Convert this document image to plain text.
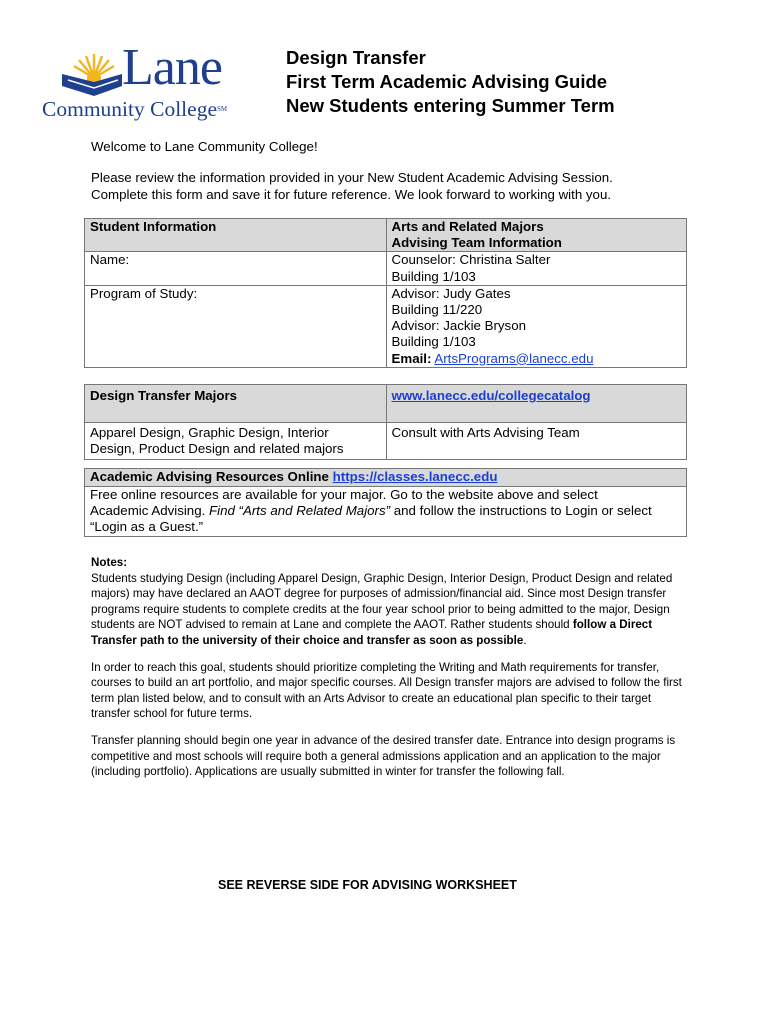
Lane
Community College℠
Design Transfer
First Term Academic Advising Guide
New Students entering Summer Term

Welcome to Lane Community College!

Please review the information provided in your New Student Academic Advising Session.

Complete this form and save it for future reference. We look forward to working with you.

Student Information	Arts and Related Majors
Advising Team Information

Name:	Counselor: Christina Salter
Building 1/103

Program of Study:	Advisor: Judy Gates
Building 11/220
Advisor: Jackie Bryson
Building 1/103
Email: ArtsPrograms@lanecc.edu
Design Transfer Majors	www.lanecc.edu/collegecatalog

Apparel Design, Graphic Design, Interior
Design, Product Design and related majors	Consult with Arts Advising Team
Academic Advising Resources Online https://classes.lanecc.edu

Free online resources are available for your major. Go to the website above and select
Academic Advising. Find “Arts and Related Majors” and follow the instructions to Login or select
“Login as a Guest.”
Notes:

Students studying Design (including Apparel Design, Graphic Design, Interior Design, Product Design and related majors) may have declared an AAOT degree for purposes of admission/financial aid. Since most Design transfer programs require students to complete credits at the four year school prior to being admitted to the major, Design students are NOT advised to remain at Lane and complete the AAOT. Rather students should follow a Direct Transfer path to the university of their choice and transfer as soon as possible.

In order to reach this goal, students should prioritize completing the Writing and Math requirements for transfer, courses to build an art portfolio, and major specific courses. All Design transfer majors are advised to follow the first term plan listed below, and to consult with an Arts Advisor to create an educational plan specific to their target transfer school for future terms.

Transfer planning should begin one year in advance of the desired transfer date. Entrance into design programs is competitive and most schools will require both a general admissions application and an application to the major (including portfolio). Applications are usually submitted in winter for transfer the following fall.

SEE REVERSE SIDE FOR ADVISING WORKSHEET
